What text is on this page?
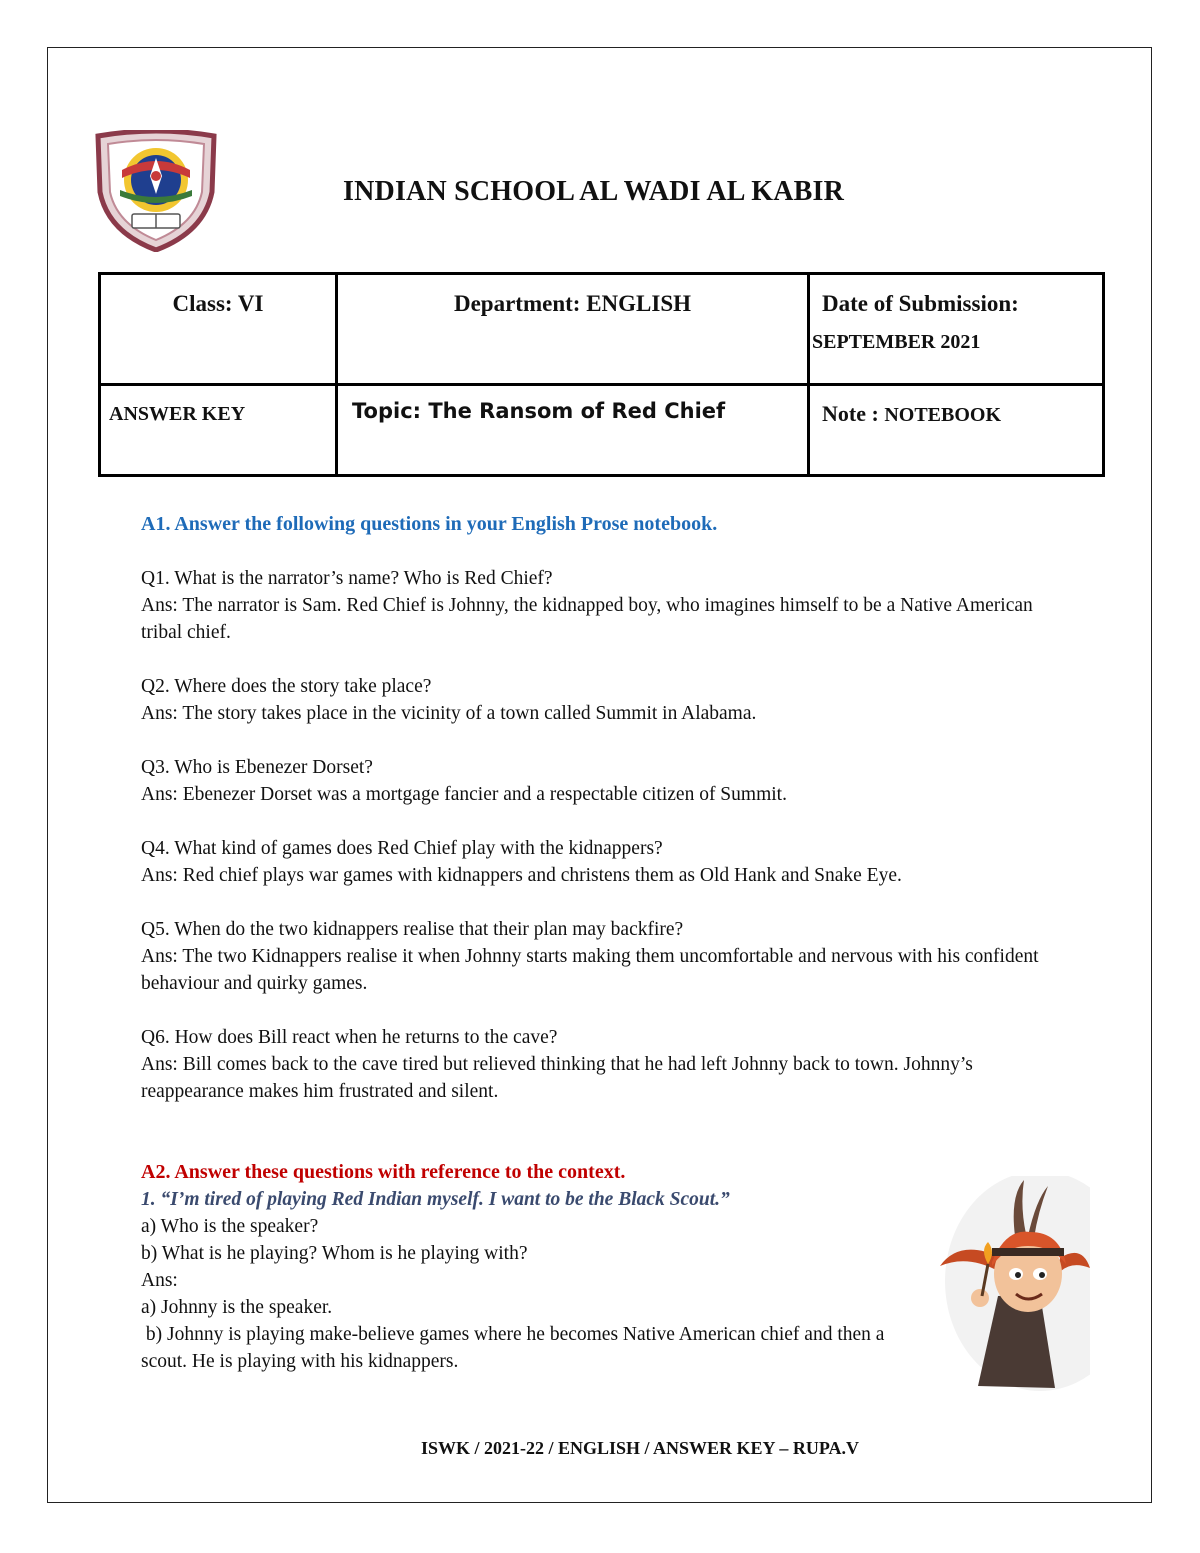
INDIAN SCHOOL AL WADI AL KABIR
Class: VI	Department: ENGLISH	Date of Submission:
SEPTEMBER 2021

ANSWER KEY	Topic: The Ransom of Red Chief	Note : NOTEBOOK
A1. Answer the following questions in your English Prose notebook.

Q1. What is the narrator’s name? Who is Red Chief?

Ans: The narrator is Sam. Red Chief is Johnny, the kidnapped boy, who imagines himself to be a Native American tribal chief.

Q2. Where does the story take place?

Ans: The story takes place in the vicinity of a town called Summit in Alabama.

Q3. Who is Ebenezer Dorset?

Ans: Ebenezer Dorset was a mortgage fancier and a respectable citizen of Summit.

Q4. What kind of games does Red Chief play with the kidnappers?

Ans: Red chief plays war games with kidnappers and christens them as Old Hank and Snake Eye.

Q5. When do the two kidnappers realise that their plan may backfire?

Ans: The two Kidnappers realise it when Johnny starts making them uncomfortable and nervous with his confident behaviour and quirky games.

Q6. How does Bill react when he returns to the cave?

Ans: Bill comes back to the cave tired but relieved thinking that he had left Johnny back to town. Johnny’s reappearance makes him frustrated and silent.

A2. Answer these questions with reference to the context.
1. “I’m tired of playing Red Indian myself. I want to be the Black Scout.”

a) Who is the speaker?

b) What is he playing? Whom is he playing with?

Ans:

a) Johnny is the speaker.

b) Johnny is playing make-believe games where he becomes Native American chief and then a scout. He is playing with his kidnappers.

ISWK / 2021-22 / ENGLISH / ANSWER KEY – RUPA.V
